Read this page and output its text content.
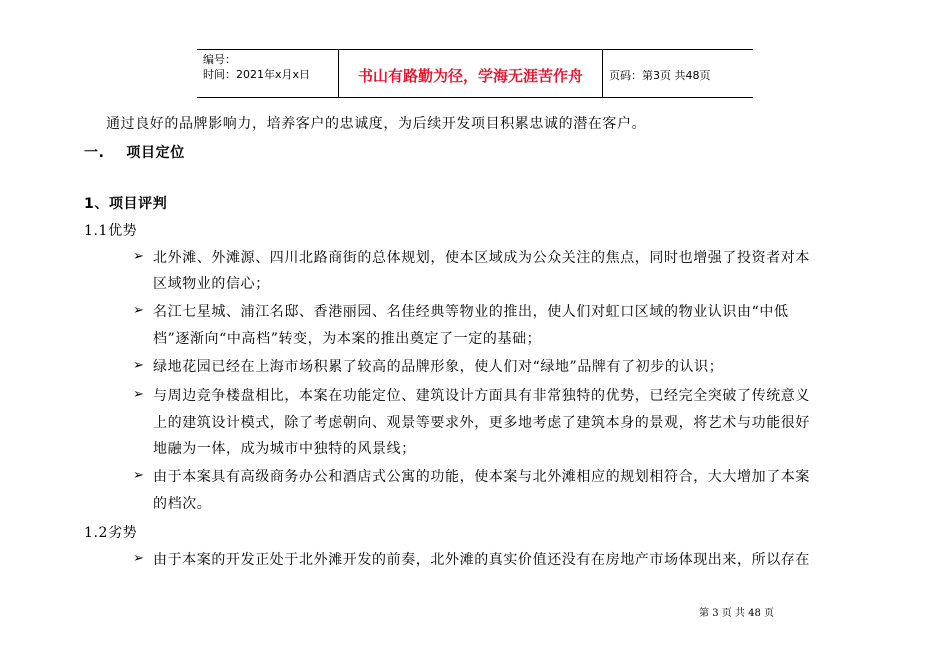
编号：
时间：2021年x月x日	书山有路勤为径，学海无涯苦作舟 页码：第3页 共48页
通过良好的品牌影响力，培养客户的忠诚度，为后续开发项目积累忠诚的潜在客户。
一.    项目定位
1、项目评判
1.1优势
➢ 北外滩、外滩源、四川北路商街的总体规划，使本区域成为公众关注的焦点，同时也增强了投资者对本
区域物业的信心；
➢ 名江七星城、浦江名邸、香港丽园、名佳经典等物业的推出，使人们对虹口区域的物业认识由“中低
档”逐渐向“中高档”转变，为本案的推出奠定了一定的基础；
➢ 绿地花园已经在上海市场积累了较高的品牌形象，使人们对“绿地”品牌有了初步的认识；
➢ 与周边竞争楼盘相比，本案在功能定位、建筑设计方面具有非常独特的优势，已经完全突破了传统意义
上的建筑设计模式，除了考虑朝向、观景等要求外，更多地考虑了建筑本身的景观，将艺术与功能很好
地融为一体，成为城市中独特的风景线；
➢ 由于本案具有高级商务办公和酒店式公寓的功能，使本案与北外滩相应的规划相符合，大大增加了本案
的档次。
1.2劣势
➢ 由于本案的开发正处于北外滩开发的前奏，北外滩的真实价值还没有在房地产市场体现出来，所以存在
第 3 页 共 48 页
